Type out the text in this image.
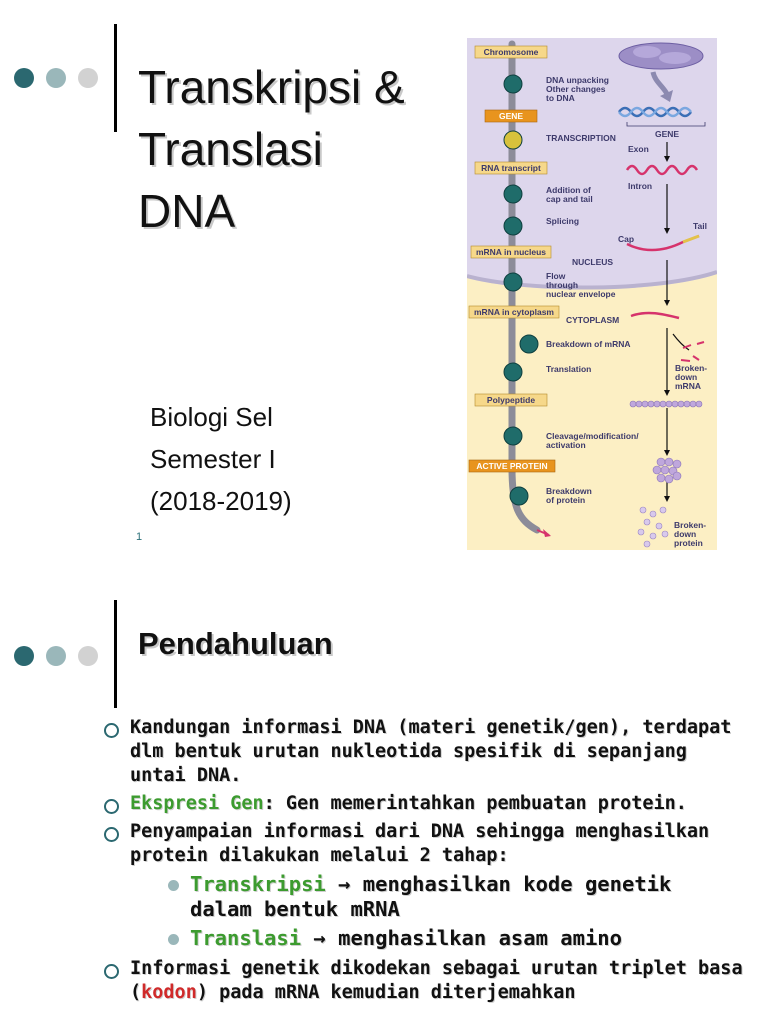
Transkripsi &
Translasi
DNA
Biologi Sel
Semester I
(2018-2019)
1
Chromosome
GENE
RNA transcript
mRNA in nucleus
mRNA in cytoplasm
Polypeptide
ACTIVE PROTEIN
DNA unpacking
Other changes
to DNA
TRANSCRIPTION
Addition of
cap and tail
Splicing
NUCLEUS
Flow
through
nuclear envelope
CYTOPLASM
Breakdown of mRNA
Translation
Cleavage/modification/
activation
Breakdown
of protein
GENE
Exon
Intron
Tail
Cap
Broken-
down
mRNA
Broken-
down
protein
Pendahuluan
Kandungan informasi DNA (materi genetik/gen), terdapat dlm bentuk urutan nukleotida spesifik di sepanjang untai DNA.
Ekspresi Gen: Gen memerintahkan pembuatan protein.
Penyampaian informasi dari DNA sehingga menghasilkan protein dilakukan melalui 2 tahap:
Transkripsi → menghasilkan kode genetik dalam bentuk mRNA
Translasi → menghasilkan asam amino
Informasi genetik dikodekan sebagai urutan triplet basa (kodon) pada mRNA kemudian diterjemahkan
